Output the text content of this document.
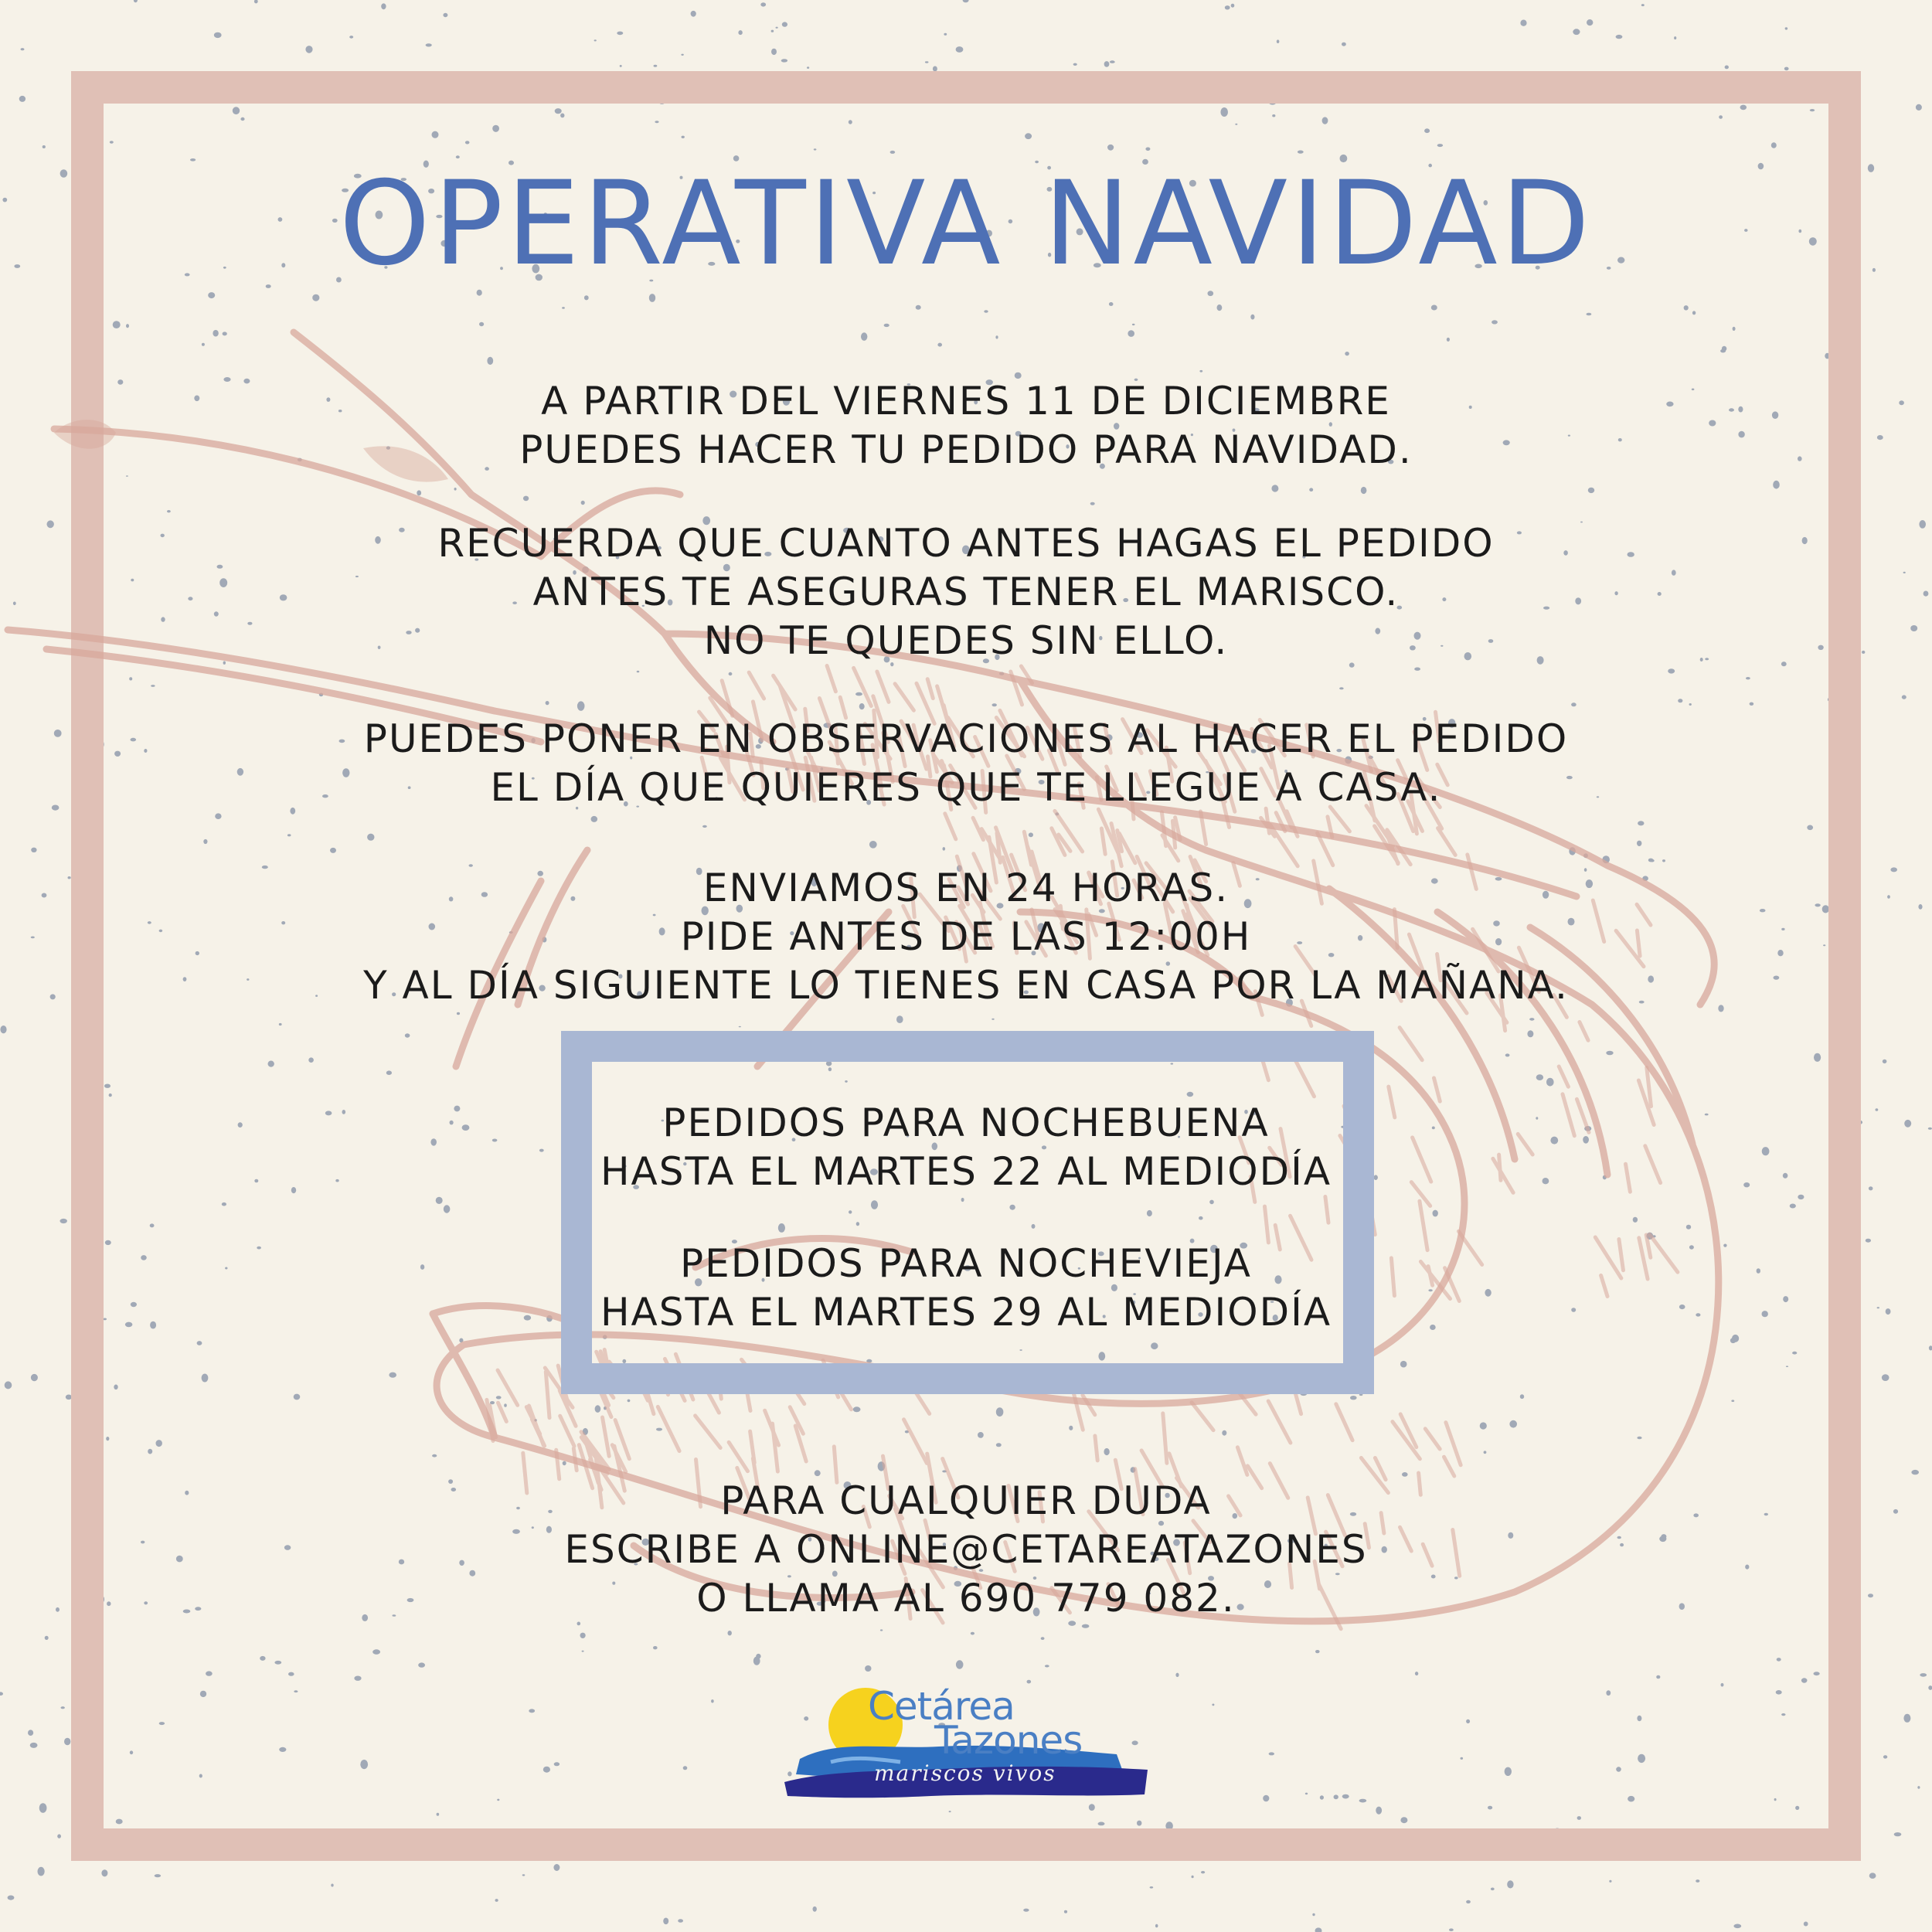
OPERATIVA NAVIDAD
A PARTIR DEL VIERNES 11 DE DICIEMBRE
PUEDES HACER TU PEDIDO PARA NAVIDAD.
RECUERDA QUE CUANTO ANTES HAGAS EL PEDIDO
ANTES TE ASEGURAS TENER EL MARISCO.
NO TE QUEDES SIN ELLO.
PUEDES PONER EN OBSERVACIONES AL HACER EL PEDIDO
EL DÍA QUE QUIERES QUE TE LLEGUE A CASA.
ENVIAMOS EN 24 HORAS.
PIDE ANTES DE LAS 12:00H
Y AL DÍA SIGUIENTE LO TIENES EN CASA POR LA MAÑANA.
PEDIDOS PARA NOCHEBUENA
HASTA EL MARTES 22 AL MEDIODÍA
PEDIDOS PARA NOCHEVIEJA
HASTA EL MARTES 29 AL MEDIODÍA
PARA CUALQUIER DUDA
ESCRIBE A ONLINE@CETAREATAZONES
O LLAMA AL 690 779 082.
Cetárea
Tazones
mariscos vivos
